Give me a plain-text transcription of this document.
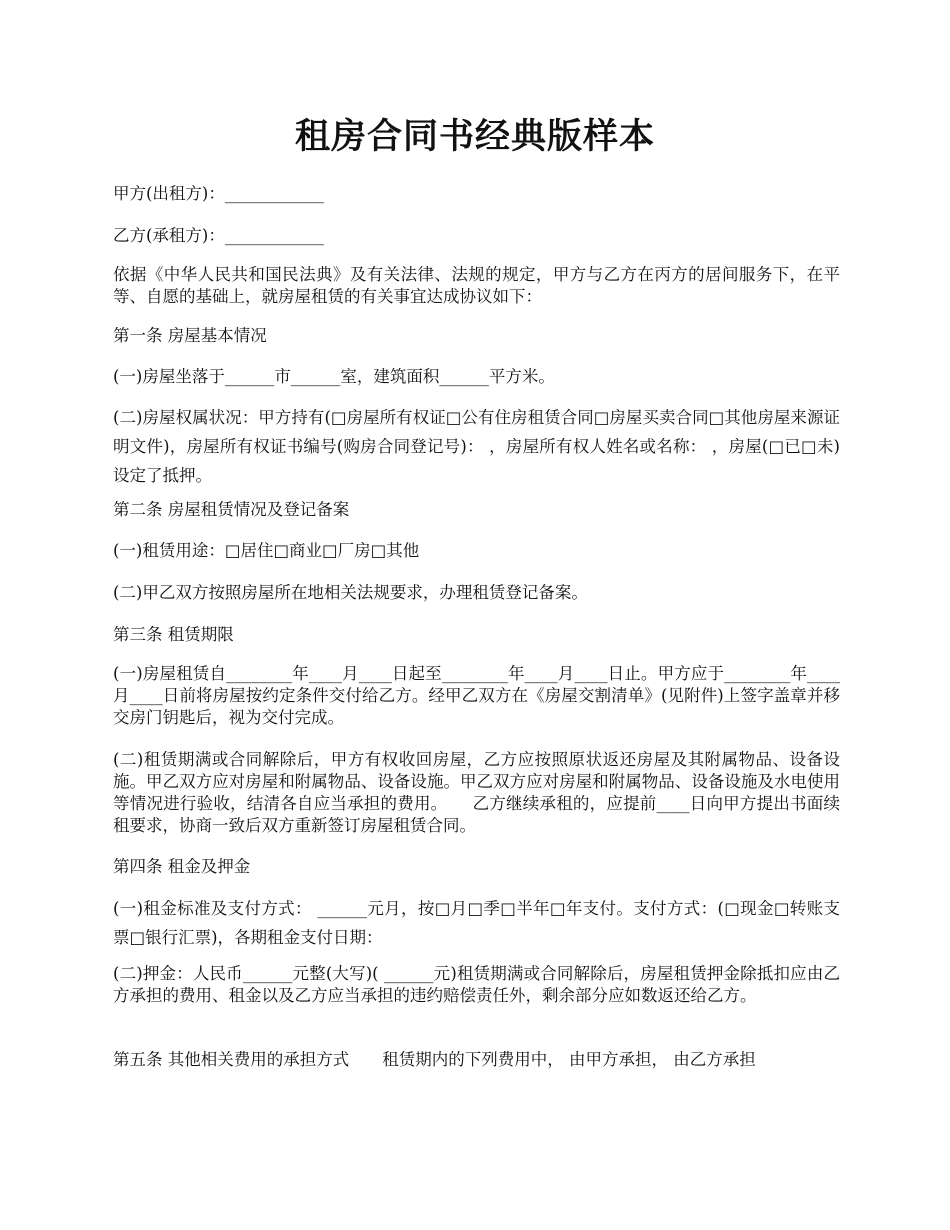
租房合同书经典版样本
甲方(出租方)：____________
乙方(承租方)：____________
依据《中华人民共和国民法典》及有关法律、法规的规定，甲方与乙方在丙方的居间服务下，在平等、自愿的基础上，就房屋租赁的有关事宜达成协议如下：
第一条 房屋基本情况
(一)房屋坐落于______市______室，建筑面积______平方米。
(二)房屋权属状况：甲方持有(□房屋所有权证□公有住房租赁合同□房屋买卖合同□其他房屋来源证明文件)，房屋所有权证书编号(购房合同登记号)： ，房屋所有权人姓名或名称： ，房屋(□已□未)设定了抵押。
第二条 房屋租赁情况及登记备案
(一)租赁用途：□居住□商业□厂房□其他
(二)甲乙双方按照房屋所在地相关法规要求，办理租赁登记备案。
第三条 租赁期限
(一)房屋租赁自________年____月____日起至________年____月____日止。甲方应于________年____月____日前将房屋按约定条件交付给乙方。经甲乙双方在《房屋交割清单》(见附件)上签字盖章并移交房门钥匙后，视为交付完成。
(二)租赁期满或合同解除后，甲方有权收回房屋，乙方应按照原状返还房屋及其附属物品、设备设施。甲乙双方应对房屋和附属物品、设备设施。甲乙双方应对房屋和附属物品、设备设施及水电使用等情况进行验收，结清各自应当承担的费用。　　乙方继续承租的，应提前____日向甲方提出书面续租要求，协商一致后双方重新签订房屋租赁合同。
第四条 租金及押金
(一)租金标准及支付方式： ______元月，按□月□季□半年□年支付。支付方式：(□现金□转账支票□银行汇票)，各期租金支付日期：
(二)押金：人民币______元整(大写)( ______元)租赁期满或合同解除后，房屋租赁押金除抵扣应由乙方承担的费用、租金以及乙方应当承担的违约赔偿责任外，剩余部分应如数返还给乙方。
第五条 其他相关费用的承担方式　　租赁期内的下列费用中， 由甲方承担， 由乙方承担
